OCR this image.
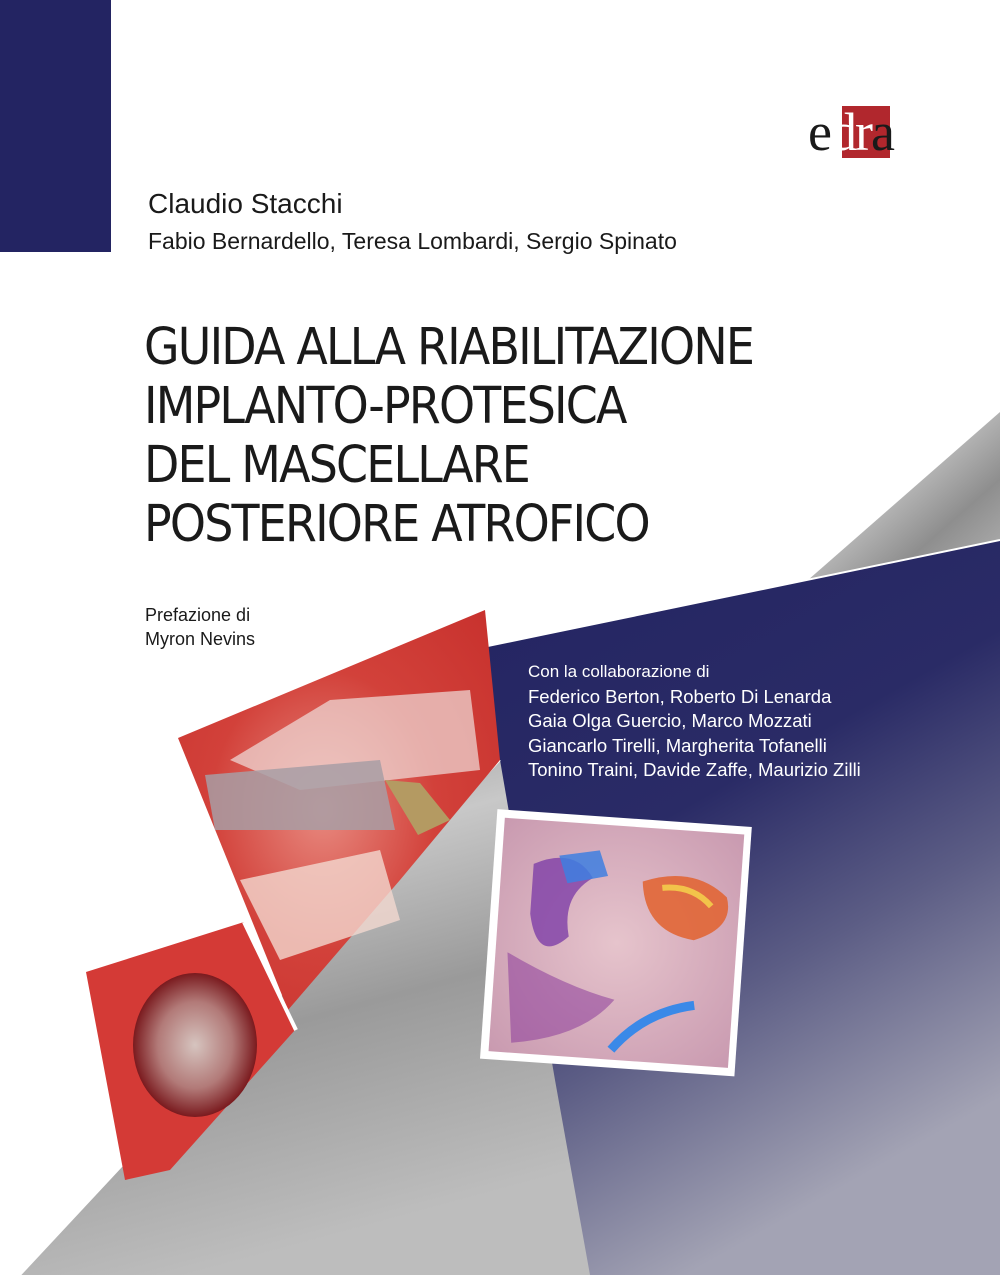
edra
Claudio Stacchi
Fabio Bernardello, Teresa Lombardi, Sergio Spinato
GUIDA ALLA RIABILITAZIONE
IMPLANTO-PROTESICA
DEL MASCELLARE
POSTERIORE ATROFICO
Prefazione di
Myron Nevins
Con la collaborazione di
Federico Berton, Roberto Di Lenarda
Gaia Olga Guercio, Marco Mozzati
Giancarlo Tirelli, Margherita Tofanelli
Tonino Traini, Davide Zaffe, Maurizio Zilli
